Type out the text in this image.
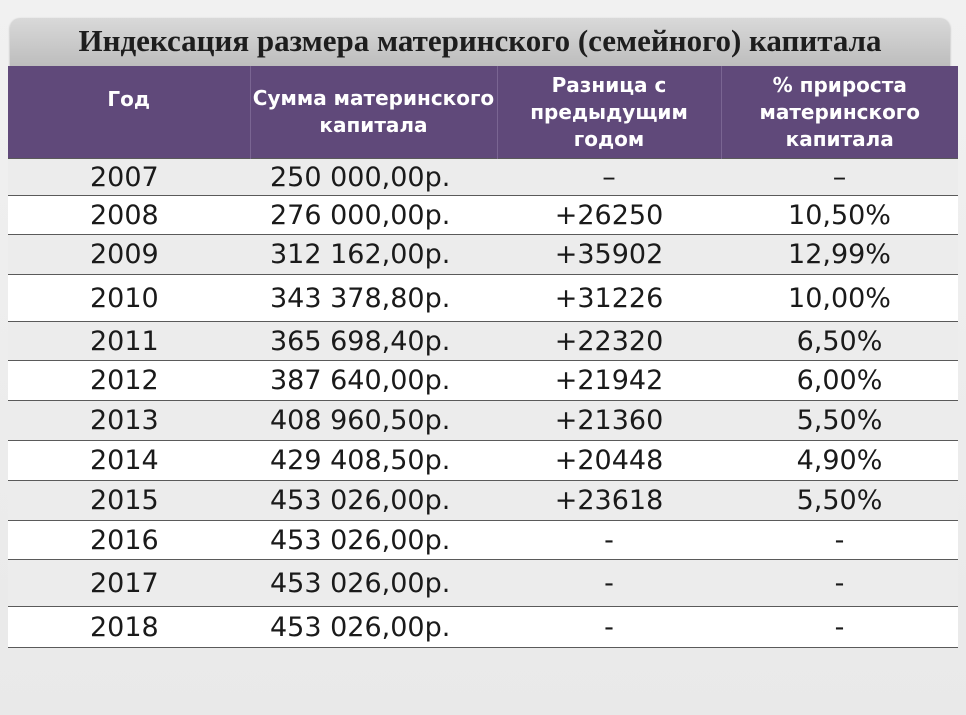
Индексация размера материнского (семейного) капитала
Год	Сумма материнского капитала	Разница с предыдущим годом	% прироста материнского капитала
2007	250 000,00р.	–	–
2008	276 000,00р.	+26250	10,50%
2009	312 162,00р.	+35902	12,99%
2010	343 378,80р.	+31226	10,00%
2011	365 698,40р.	+22320	6,50%
2012	387 640,00р.	+21942	6,00%
2013	408 960,50р.	+21360	5,50%
2014	429 408,50р.	+20448	4,90%
2015	453 026,00р.	+23618	5,50%
2016	453 026,00р.	-	-
2017	453 026,00р.	-	-
2018	453 026,00р.	-	-
